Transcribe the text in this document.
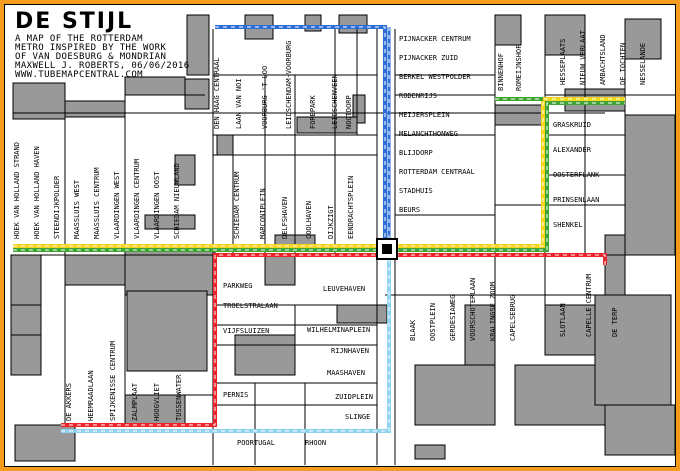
HOEK VAN HOLLAND STRAND HOEK VAN HOLLAND HAVEN STEENDIJKPOLDER MAASSLUIS WEST MAASSLUIS CENTRUM VLAARDINGEN WEST VLAARDINGEN CENTRUM VLAARDINGEN OOST SCHIEDAM NIEUWLAND
DEN HAAG CENTRAAL LAAN VAN NOI	VOORBURG 'T LOO LEIDSCHENDAM-VOORBURG FOREPARK LEIDSCHENVEEN NOOTDORP
SCHIEDAM CENTRUM	MARCONIPLEIN DELFSHAVEN COOLHAVEN DIJKZIGT EENDRACHTSPLEIN
PIJNACKER CENTRUM
PIJNACKER ZUID
BERKEL WESTPOLDER
RODENRIJS
MEIJERSPLEIN
MELANCHTHONWEG
BLIJDORP
ROTTERDAM CENTRAAL
STADHUIS
BEURS
BINNENHOF ROMEIJNSHOF	HESSEPLAATS NIEUW VERLAAT AMBACHTSLAND DE TOCHTEN NESSELANDE
GRASKRUID
ALEXANDER
OOSTERFLANK
PRINSENLAAN
SHENKEL
BLAAK OOSTPLEIN GERDESIAWEG VOORSCHOTERLAAN KRALINGSE ZOOM CAPELSEBRUG	SLOTLAAN	CAPELLE CENTRUM	DE TERP
PARKWEG
TROELSTRALAAN
VIJFSLUIZEN
PERNIS
LEUVEHAVEN
WILHELMINAPLEIN
RIJNHAVEN
MAASHAVEN
ZUIDPLEIN
SLINGE
DE AKKERS HEEMRAADLAAN SPIJKENISSE CENTRUM ZALMPLAAT HOOGVLIET TUSSENWATER
POORTUGAL	RHOON
DE STIJL
A MAP OF THE ROTTERDAM
METRO INSPIRED BY THE WORK
OF VAN DOESBURG & MONDRIAN
MAXWELL J. ROBERTS, 06/06/2016
WWW.TUBEMAPCENTRAL.COM
